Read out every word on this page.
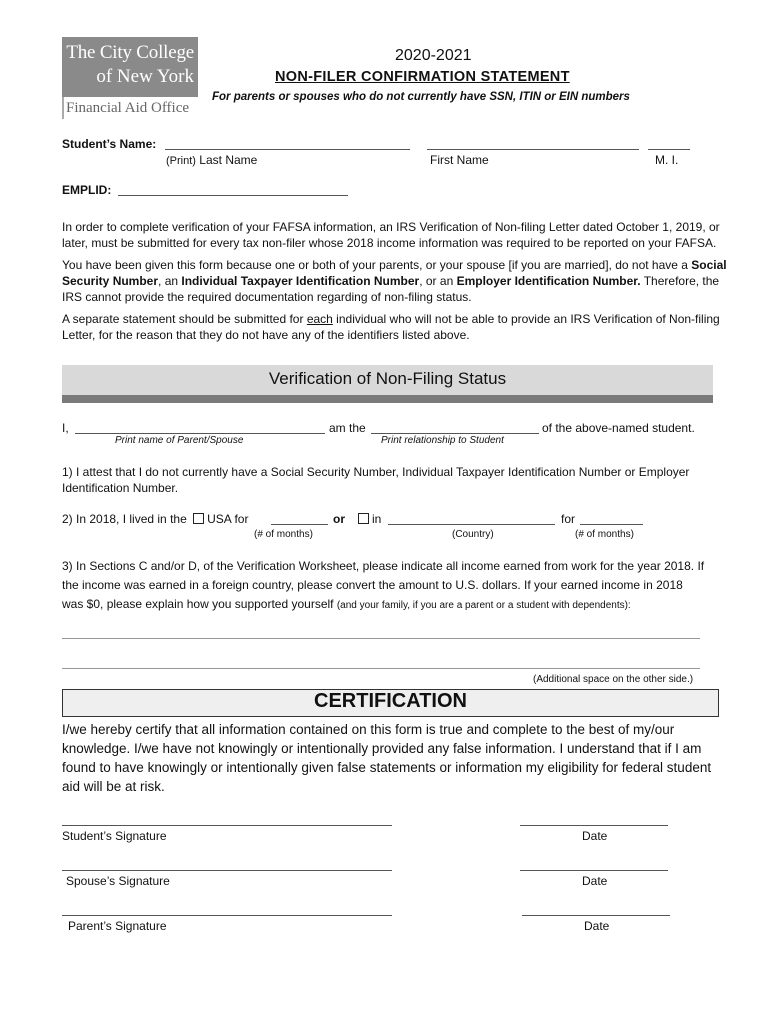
The City College
of New York
Financial Aid Office
2020-2021
NON-FILER CONFIRMATION STATEMENT
For parents or spouses who do not currently have SSN, ITIN or EIN numbers
Student’s Name:
(Print) Last Name	First Name	M. I.
EMPLID:

In order to complete verification of your FAFSA information, an IRS Verification of Non-filing Letter dated October 1, 2019, or later, must be submitted for every tax non-filer whose 2018 income information was required to be reported on your FAFSA.

You have been given this form because one or both of your parents, or your spouse [if you are married], do not have a Social Security Number, an Individual Taxpayer Identification Number, or an Employer Identification Number. Therefore, the IRS cannot provide the required documentation regarding of non-filing status.

A separate statement should be submitted for each individual who will not be able to provide an IRS Verification of Non-filing Letter, for the reason that they do not have any of the identifiers listed above.

Verification of Non-Filing Status
I,	am the	of the above-named student.
Print name of Parent/Spouse	Print relationship to Student
1) I attest that I do not currently have a Social Security Number, Individual Taxpayer Identification Number or Employer Identification Number.
2) In 2018, I lived in the USA for	or	in	for
(# of months)	(Country)	(# of months)
3) In Sections C and/or D, of the Verification Worksheet, please indicate all income earned from work for the year 2018. If the income was earned in a foreign country, please convert the amount to U.S. dollars. If your earned income in 2018 was $0, please explain how you supported yourself (and your family, if you are a parent or a student with dependents):
(Additional space on the other side.)
CERTIFICATION
I/we hereby certify that all information contained on this form is true and complete to the best of my/our knowledge. I/we have not knowingly or intentionally provided any false information. I understand that if I am found to have knowingly or intentionally given false statements or information my eligibility for federal student aid will be at risk.
Student’s Signature	Date
Spouse’s Signature	Date
Parent’s Signature	Date
